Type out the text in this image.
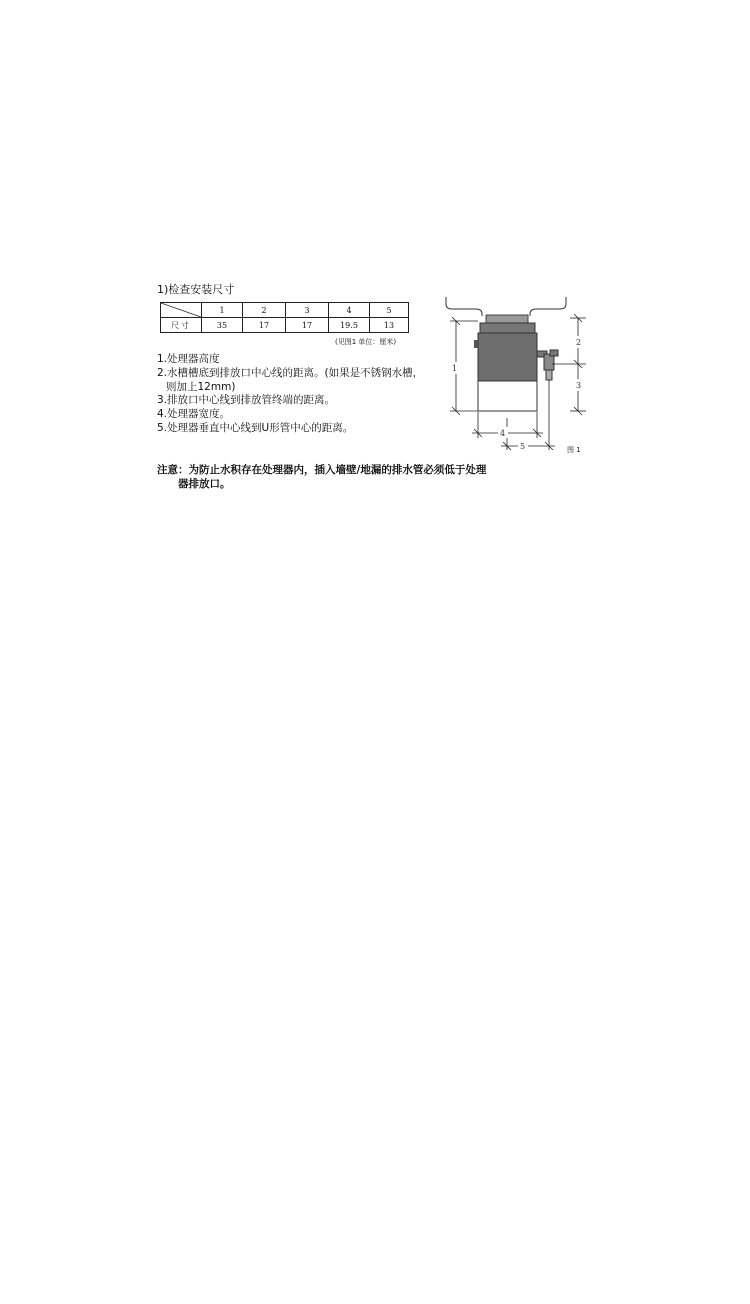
1)检查安装尺寸
	1	2	3	4	5
尺寸	35	17	17	19.5	13
(见图1 单位：厘米)
1.处理器高度
2.水槽槽底到排放口中心线的距离。(如果是不锈钢水槽，
则加上12mm)
3.排放口中心线到排放管终端的距离。
4.处理器宽度。
5.处理器垂直中心线到U形管中心的距离。
注意：为防止水积存在处理器内，插入墙壁/地漏的排水管必须低于处理
器排放口。
1
2
3
4
5	图 1
